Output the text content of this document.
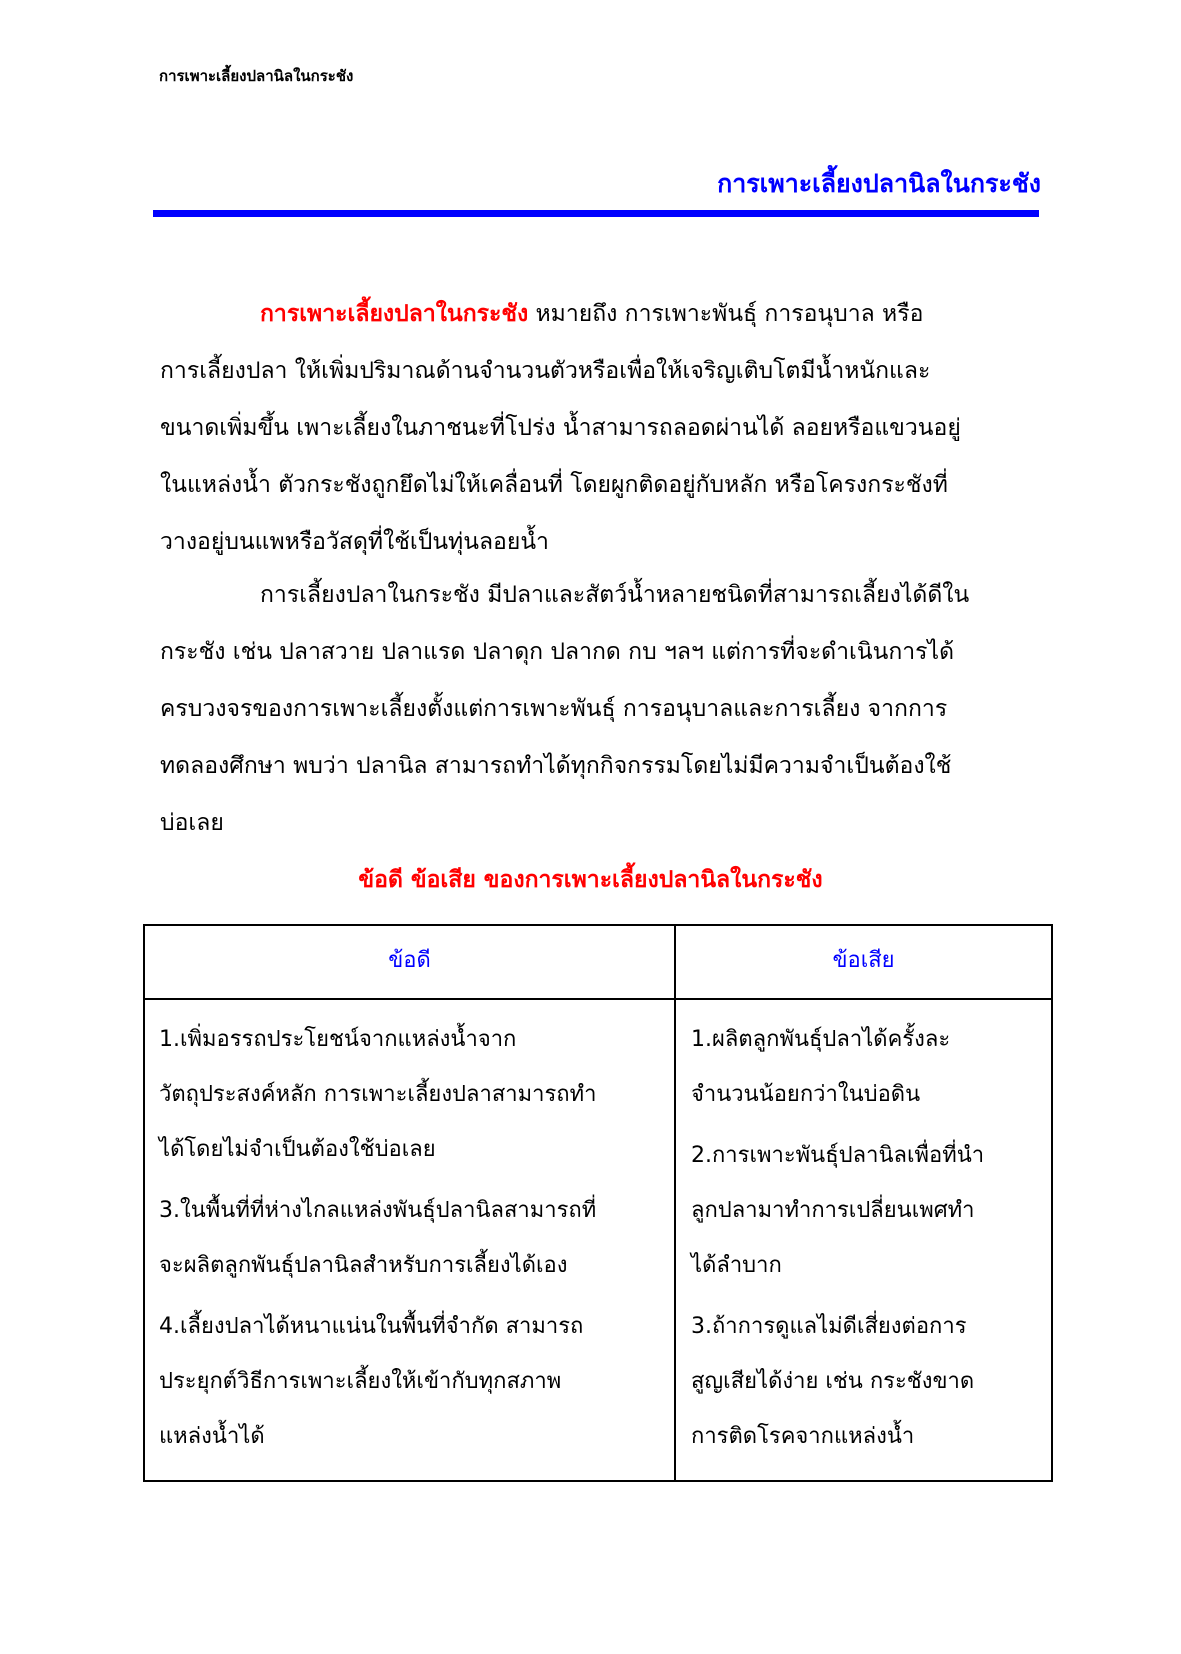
การเพาะเลี้ยงปลานิลในกระชัง
การเพาะเลี้ยงปลานิลในกระชัง
การเพาะเลี้ยงปลาในกระชัง หมายถึง การเพาะพันธุ์ การอนุบาล หรือ
การเลี้ยงปลา ให้เพิ่มปริมาณด้านจำนวนตัวหรือเพื่อให้เจริญเติบโตมีน้ำหนักและ
ขนาดเพิ่มขึ้น เพาะเลี้ยงในภาชนะที่โปร่ง น้ำสามารถลอดผ่านได้ ลอยหรือแขวนอยู่
ในแหล่งน้ำ ตัวกระชังถูกยึดไม่ให้เคลื่อนที่ โดยผูกติดอยู่กับหลัก หรือโครงกระชังที่
วางอยู่บนแพหรือวัสดุที่ใช้เป็นทุ่นลอยน้ำ
การเลี้ยงปลาในกระชัง มีปลาและสัตว์น้ำหลายชนิดที่สามารถเลี้ยงได้ดีใน
กระชัง เช่น ปลาสวาย ปลาแรด ปลาดุก ปลากด กบ ฯลฯ แต่การที่จะดำเนินการได้
ครบวงจรของการเพาะเลี้ยงตั้งแต่การเพาะพันธุ์ การอนุบาลและการเลี้ยง จากการ
ทดลองศึกษา พบว่า ปลานิล สามารถทำได้ทุกกิจกรรมโดยไม่มีความจำเป็นต้องใช้
บ่อเลย
ข้อดี ข้อเสีย ของการเพาะเลี้ยงปลานิลในกระชัง
ข้อดี	ข้อเสีย
1.เพิ่มอรรถประโยชน์จากแหล่งน้ำจาก
วัตถุประสงค์หลัก การเพาะเลี้ยงปลาสามารถทำ
ได้โดยไม่จำเป็นต้องใช้บ่อเลย
3.ในพื้นที่ที่ห่างไกลแหล่งพันธุ์ปลานิลสามารถที่
จะผลิตลูกพันธุ์ปลานิลสำหรับการเลี้ยงได้เอง
4.เลี้ยงปลาได้หนาแน่นในพื้นที่จำกัด สามารถ
ประยุกต์วิธีการเพาะเลี้ยงให้เข้ากับทุกสภาพ
แหล่งน้ำได้
1.ผลิตลูกพันธุ์ปลาได้ครั้งละ
จำนวนน้อยกว่าในบ่อดิน
2.การเพาะพันธุ์ปลานิลเพื่อที่นำ
ลูกปลามาทำการเปลี่ยนเพศทำ
ได้ลำบาก
3.ถ้าการดูแลไม่ดีเสี่ยงต่อการ
สูญเสียได้ง่าย เช่น กระชังขาด
การติดโรคจากแหล่งน้ำ
